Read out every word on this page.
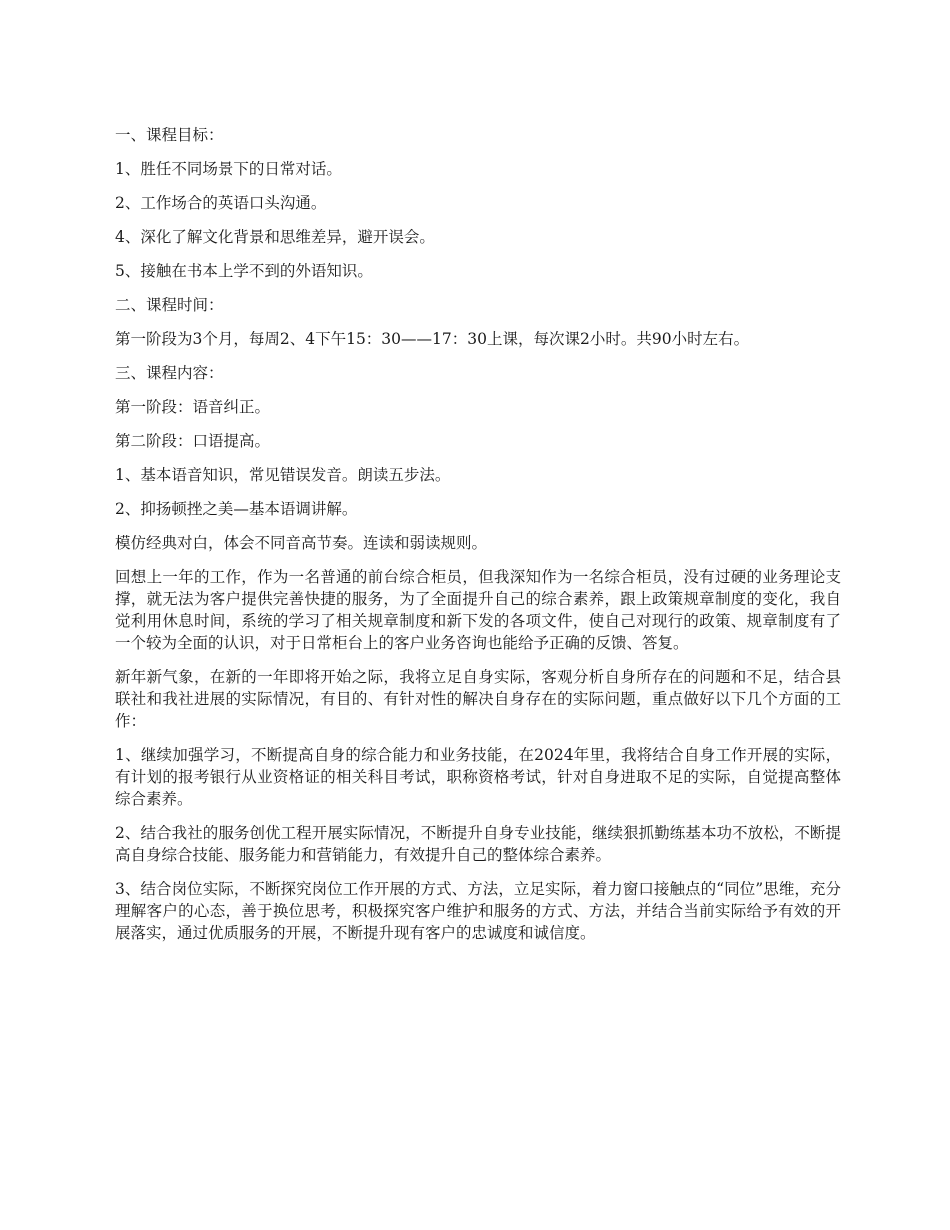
一、课程目标：

1、胜任不同场景下的日常对话。

2、工作场合的英语口头沟通。

4、深化了解文化背景和思维差异，避开误会。

5、接触在书本上学不到的外语知识。

二、课程时间：

第一阶段为3个月，每周2、4下午15：30——17：30上课，每次课2小时。共90小时左右。

三、课程内容：

第一阶段：语音纠正。

第二阶段：口语提高。

1、基本语音知识，常见错误发音。朗读五步法。

2、抑扬顿挫之美—基本语调讲解。

模仿经典对白，体会不同音高节奏。连读和弱读规则。

回想上一年的工作，作为一名普通的前台综合柜员，但我深知作为一名综合柜员，没有过硬的业务理论支撑，就无法为客户提供完善快捷的服务，为了全面提升自己的综合素养，跟上政策规章制度的变化，我自觉利用休息时间，系统的学习了相关规章制度和新下发的各项文件，使自己对现行的政策、规章制度有了一个较为全面的认识，对于日常柜台上的客户业务咨询也能给予正确的反馈、答复。

新年新气象，在新的一年即将开始之际，我将立足自身实际，客观分析自身所存在的问题和不足，结合县联社和我社进展的实际情况，有目的、有针对性的解决自身存在的实际问题，重点做好以下几个方面的工作：

1、继续加强学习，不断提高自身的综合能力和业务技能，在2024年里，我将结合自身工作开展的实际，有计划的报考银行从业资格证的相关科目考试，职称资格考试，针对自身进取不足的实际，自觉提高整体综合素养。

2、结合我社的服务创优工程开展实际情况，不断提升自身专业技能，继续狠抓勤练基本功不放松，不断提高自身综合技能、服务能力和营销能力，有效提升自己的整体综合素养。

3、结合岗位实际，不断探究岗位工作开展的方式、方法，立足实际，着力窗口接触点的“同位”思维，充分理解客户的心态，善于换位思考，积极探究客户维护和服务的方式、方法，并结合当前实际给予有效的开展落实，通过优质服务的开展，不断提升现有客户的忠诚度和诚信度。
